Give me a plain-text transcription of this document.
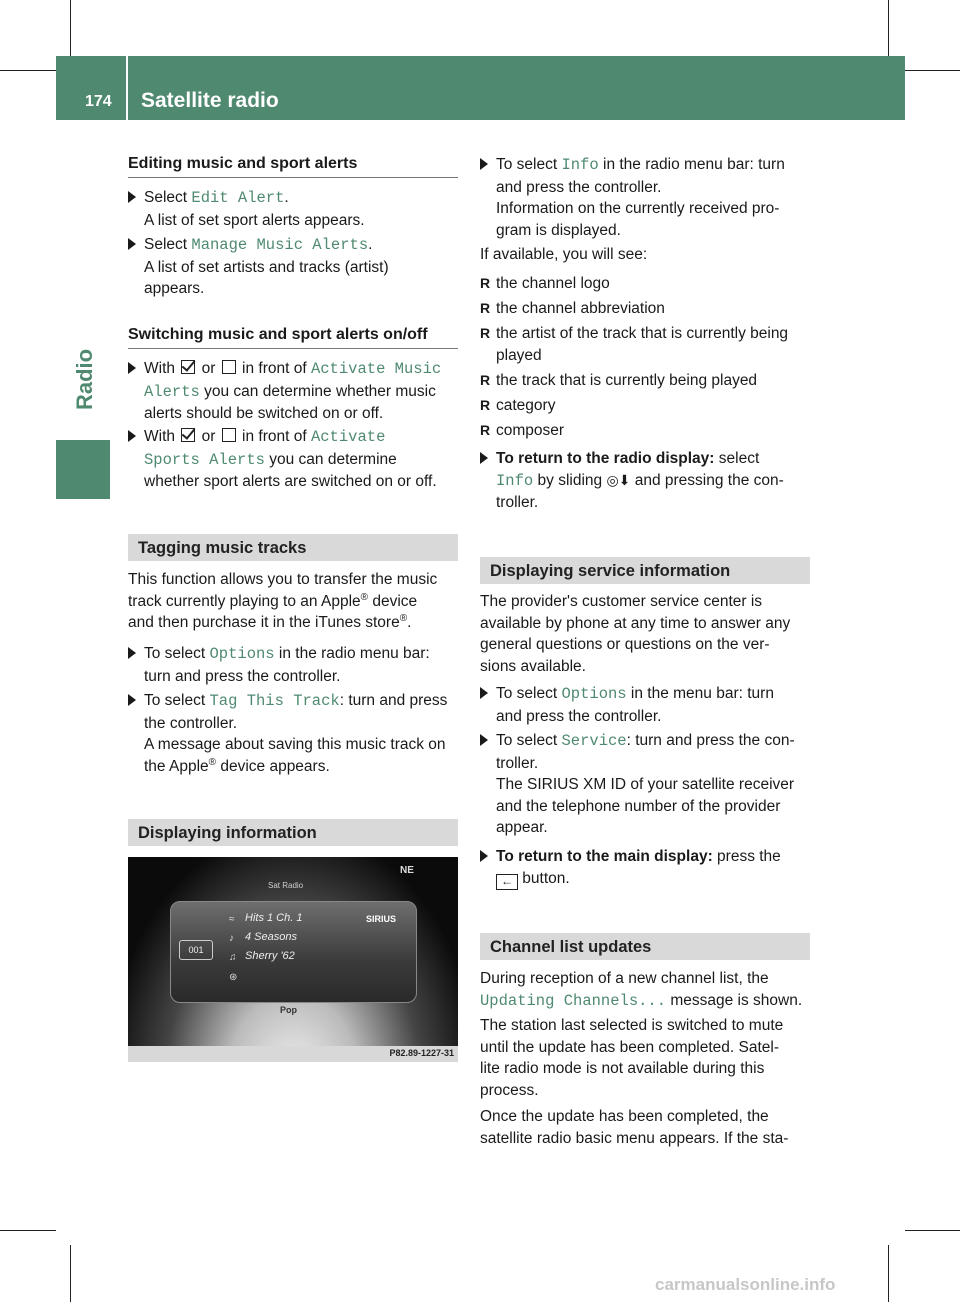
174 Satellite radio
Radio
Editing music and sport alerts
Select Edit Alert.
A list of set sport alerts appears.
Select Manage Music Alerts.
A list of set artists and tracks (artist)
appears.
Switching music and sport alerts on/off
With  or  in front of Activate Music
Alerts you can determine whether music
alerts should be switched on or off.
With  or  in front of Activate
Sports Alerts you can determine
whether sport alerts are switched on or off.
Tagging music tracks
This function allows you to transfer the music
track currently playing to an Apple® device
and then purchase it in the iTunes store®.
To select Options in the radio menu bar:
turn and press the controller.
To select Tag This Track: turn and press
the controller.
A message about saving this music track on
the Apple® device appears.
Displaying information
Sat Radio
NE
001
SIRIUS
≈ Hits 1 Ch. 1
♪ 4 Seasons
♫ Sherry '62
⊛
Pop
P82.89-1227-31
To select Info in the radio menu bar: turn
and press the controller.
Information on the currently received pro-
gram is displayed.
If available, you will see:
R the channel logo
R the channel abbreviation
R the artist of the track that is currently being
played
R the track that is currently being played
R category
R composer
To return to the radio display: select
Info by sliding ◎⬇ and pressing the con-
troller.
Displaying service information
The provider's customer service center is
available by phone at any time to answer any
general questions or questions on the ver-
sions available.
To select Options in the menu bar: turn
and press the controller.
To select Service: turn and press the con-
troller.
The SIRIUS XM ID of your satellite receiver
and the telephone number of the provider
appear.
To return to the main display: press the
← button.
Channel list updates
During reception of a new channel list, the
Updating Channels... message is shown.
The station last selected is switched to mute
until the update has been completed. Satel-
lite radio mode is not available during this
process.
Once the update has been completed, the
satellite radio basic menu appears. If the sta-
carmanualsonline.info
